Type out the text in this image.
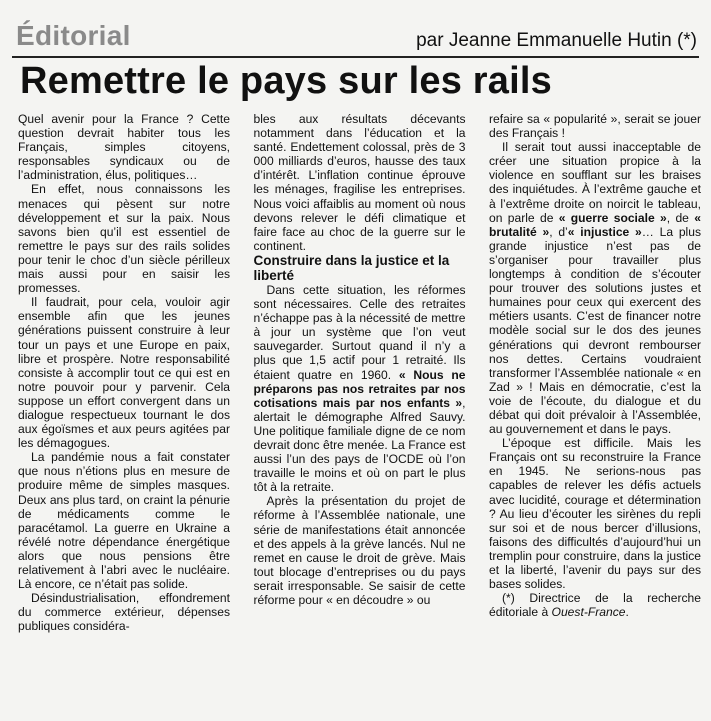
Éditorial	par Jeanne Emmanuelle Hutin (*)
Remettre le pays sur les rails

Quel avenir pour la France ? Cette question devrait habiter tous les Français, simples citoyens, responsables syndicaux ou de l’administration, élus, politiques…

En effet, nous connaissons les menaces qui pèsent sur notre développement et sur la paix. Nous savons bien qu’il est essentiel de remettre le pays sur des rails solides pour tenir le choc d’un siècle périlleux mais aussi pour en saisir les promesses.

Il faudrait, pour cela, vouloir agir ensemble afin que les jeunes générations puissent construire à leur tour un pays et une Europe en paix, libre et prospère. Notre responsabilité consiste à accomplir tout ce qui est en notre pouvoir pour y parvenir. Cela suppose un effort convergent dans un dialogue respectueux tournant le dos aux égoïsmes et aux peurs agitées par les démagogues.

La pandémie nous a fait constater que nous n’étions plus en mesure de produire même de simples masques. Deux ans plus tard, on craint la pénurie de médicaments comme le paracétamol. La guerre en Ukraine a révélé notre dépendance énergétique alors que nous pensions être relativement à l’abri avec le nucléaire. Là encore, ce n’était pas solide.

Désindustrialisation, effondrement du commerce extérieur, dépenses publiques considéra-

bles aux résultats décevants notamment dans l’éducation et la santé. Endettement colossal, près de 3 000 milliards d’euros, hausse des taux d’intérêt. L’inflation continue éprouve les ménages, fragilise les entreprises. Nous voici affaiblis au moment où nous devons relever le défi climatique et faire face au choc de la guerre sur le continent.

Construire dans la justice et la liberté

Dans cette situation, les réformes sont nécessaires. Celle des retraites n’échappe pas à la nécessité de mettre à jour un système que l’on veut sauvegarder. Surtout quand il n’y a plus que 1,5 actif pour 1 retraité. Ils étaient quatre en 1960. « Nous ne préparons pas nos retraites par nos cotisations mais par nos enfants », alertait le démographe Alfred Sauvy. Une politique familiale digne de ce nom devrait donc être menée. La France est aussi l’un des pays de l’OCDE où l’on travaille le moins et où on part le plus tôt à la retraite.

Après la présentation du projet de réforme à l’Assemblée nationale, une série de manifestations était annoncée et des appels à la grève lancés. Nul ne remet en cause le droit de grève. Mais tout blocage d’entreprises ou du pays serait irresponsable. Se saisir de cette réforme pour « en découdre » ou

refaire sa « popularité », serait se jouer des Français !

Il serait tout aussi inacceptable de créer une situation propice à la violence en soufflant sur les braises des inquiétudes. À l’extrême gauche et à l’extrême droite on noircit le tableau, on parle de « guerre sociale », de « brutalité », d’« injustice »… La plus grande injustice n’est pas de s’organiser pour travailler plus longtemps à condition de s’écouter pour trouver des solutions justes et humaines pour ceux qui exercent des métiers usants. C’est de financer notre modèle social sur le dos des jeunes générations qui devront rembourser nos dettes. Certains voudraient transformer l’Assemblée nationale « en Zad » ! Mais en démocratie, c’est la voie de l’écoute, du dialogue et du débat qui doit prévaloir à l’Assemblée, au gouvernement et dans le pays.

L’époque est difficile. Mais les Français ont su reconstruire la France en 1945. Ne serions-nous pas capables de relever les défis actuels avec lucidité, courage et détermination ? Au lieu d’écouter les sirènes du repli sur soi et de nous bercer d’illusions, faisons des difficultés d’aujourd’hui un tremplin pour construire, dans la justice et la liberté, l’avenir du pays sur des bases solides.

(*) Directrice de la recherche éditoriale à Ouest-France.
